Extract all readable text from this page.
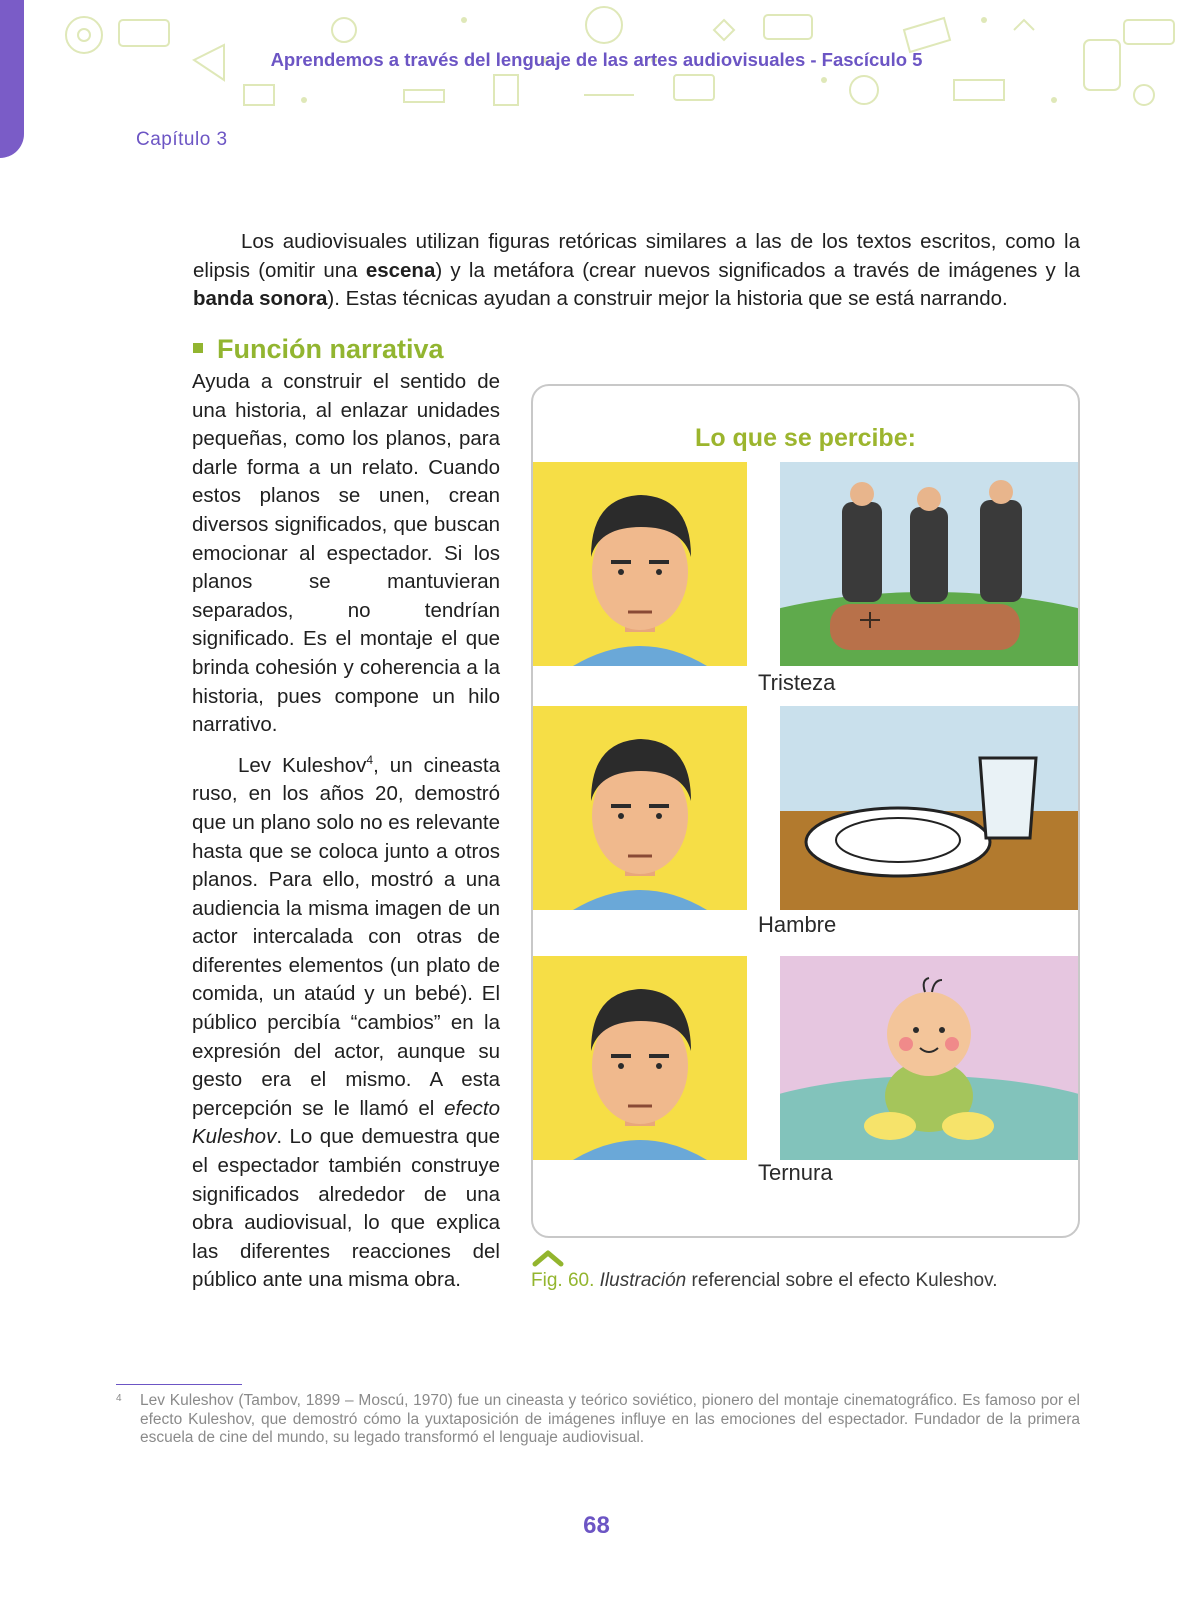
Aprendemos a través del lenguaje de las artes audiovisuales - Fascículo 5
Capítulo 3

Los audiovisuales utilizan figuras retóricas similares a las de los textos escritos, como la elipsis (omitir una escena) y la metáfora (crear nuevos significados a través de imágenes y la banda sonora). Estas técnicas ayudan a construir mejor la historia que se está narrando.

Función narrativa

Ayuda a construir el sentido de una historia, al enlazar unidades pequeñas, como los planos, para darle forma a un relato. Cuando estos planos se unen, crean diversos significados, que buscan emocionar al espectador. Si los planos se mantuvieran separados, no tendrían significado. Es el montaje el que brinda cohesión y coherencia a la historia, pues compone un hilo narrativo.

Lev Kuleshov$^4$, un cineasta ruso, en los años 20, demostró que un plano solo no es relevante hasta que se coloca junto a otros planos. Para ello, mostró a una audiencia la misma imagen de un actor intercalada con otras de diferentes elementos (un plato de comida, un ataúd y un bebé). El público percibía “cambios” en la expresión del actor, aunque su gesto era el mismo. A esta percepción se le llamó el efecto Kuleshov. Lo que demuestra que el espectador también construye significados alrededor de una obra audiovisual, lo que explica las diferentes reacciones del público ante una misma obra.

Lo que se percibe:
Tristeza
Hambre
Ternura
Fig. 60. Ilustración referencial sobre el efecto Kuleshov.
4 Lev Kuleshov (Tambov, 1899 – Moscú, 1970) fue un cineasta y teórico soviético, pionero del montaje cinematográfico. Es famoso por el efecto Kuleshov, que demostró cómo la yuxtaposición de imágenes influye en las emociones del espectador. Fundador de la primera escuela de cine del mundo, su legado transformó el lenguaje audiovisual.
68
